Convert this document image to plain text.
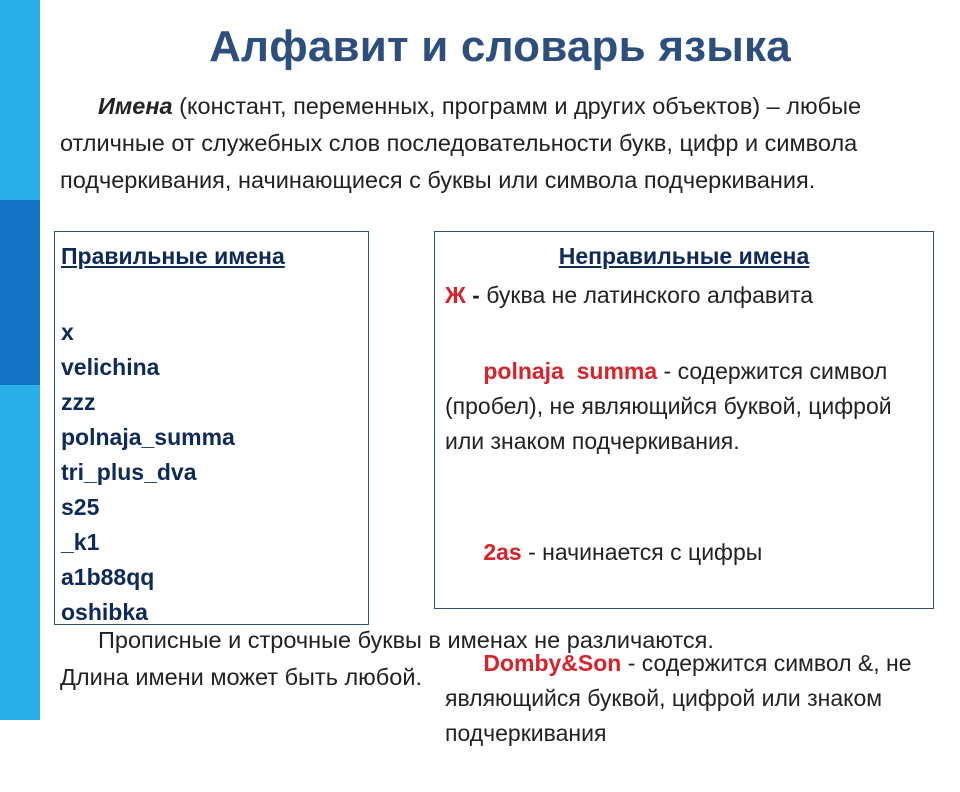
Алфавит и словарь языка
Имена (констант, переменных, программ и других объектов) – любые отличные от служебных слов последовательности букв, цифр и символа подчеркивания, начинающиеся с буквы или символа подчеркивания.
Правильные имена
x
velichina
zzz
polnaja_summa
tri_plus_dva
s25
_k1
a1b88qq
oshibka
Неправильные имена
Ж - буква не латинского алфавита

polnaja  summa - содержится символ (пробел), не являющийся буквой, цифрой или знаком подчеркивания.

2as - начинается с цифры

Domby&Son - содержится символ &, не являющийся буквой, цифрой или знаком подчеркивания

Прописные и строчные буквы в именах не различаются.
Длина имени может быть любой.
